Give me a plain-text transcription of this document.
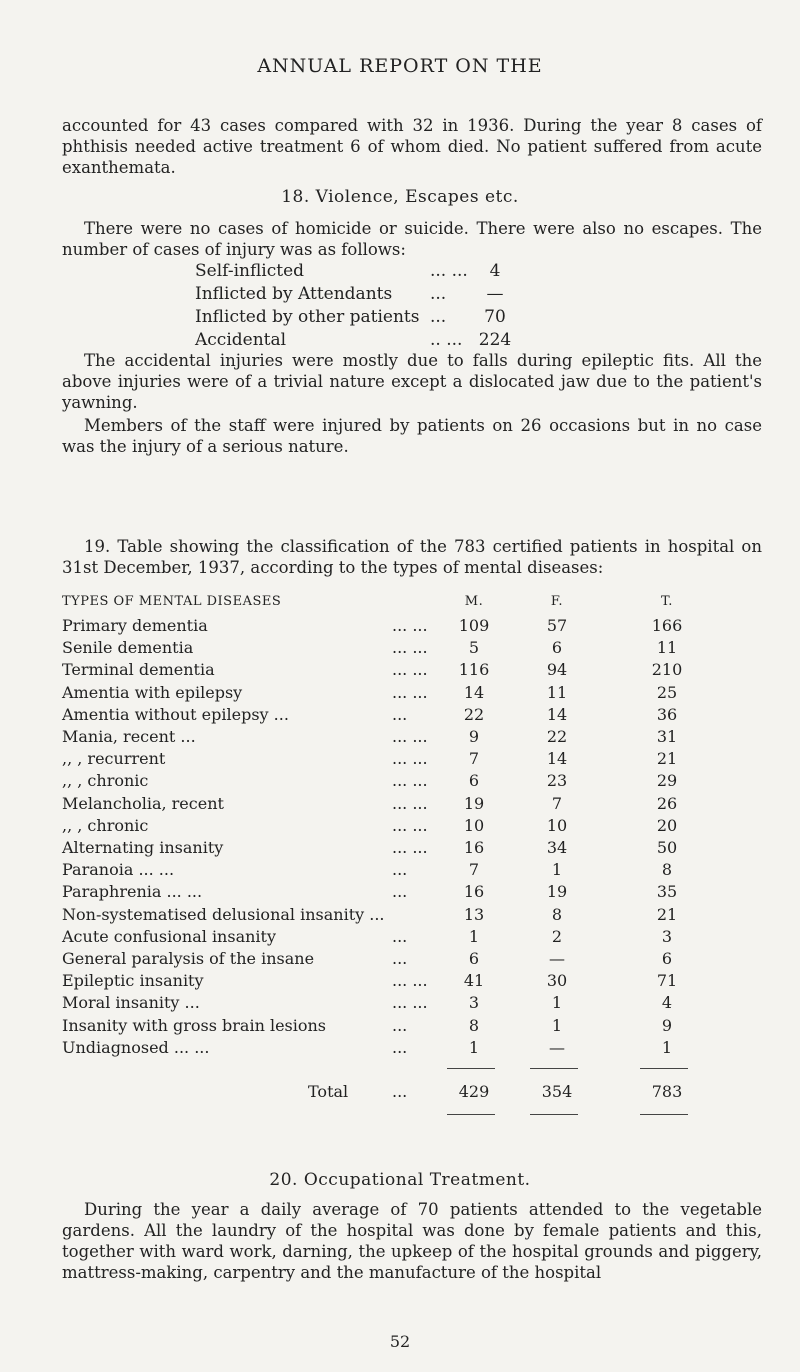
ANNUAL REPORT ON THE
accounted for 43 cases compared with 32 in 1936. During the year 8 cases of phthisis needed active treatment 6 of whom died. No patient suffered from acute exanthemata.
18. Violence, Escapes etc.
There were no cases of homicide or suicide. There were also no escapes. The number of cases of injury was as follows:
Self-inflicted	... ...	4
Inflicted by Attendants ...	—
Inflicted by other patients ...	70
Accidental	.. ... 224
The accidental injuries were mostly due to falls during epileptic fits. All the above injuries were of a trivial nature except a dislocated jaw due to the patient's yawning.
Members of the staff were injured by patients on 26 occasions but in no case was the injury of a serious nature.
19. Table showing the classification of the 783 certified patients in hospital on 31st December, 1937, according to the types of mental diseases:
TYPES OF MENTAL DISEASES	M.	F.	T.
Primary dementia	... ...	109	57	166
Senile dementia	... ...	5	6	11
Terminal dementia	... ...	116	94	210
Amentia with epilepsy	... ...	14	11	25
Amentia without epilepsy ...	...	22	14	36
Mania, recent ...	... ...	9	22	31
,, , recurrent	... ...	7	14	21
,, , chronic	... ...	6	23	29
Melancholia, recent	... ...	19	7	26
,, , chronic	... ...	10	10	20
Alternating insanity	... ...	16	34	50
Paranoia ... ...	...	7	1	8
Paraphrenia ... ...	...	16	19	35
Non-systematised delusional insanity ...	13	8	21
Acute confusional insanity	...	1	2	3
General paralysis of the insane	...	6	—	6
Epileptic insanity	... ...	41	30	71
Moral insanity ...	... ...	3	1	4
Insanity with gross brain lesions	...	8	1	9
Undiagnosed ... ...	...	1	—	1
Total	...	429	354	783
20. Occupational Treatment.
During the year a daily average of 70 patients attended to the vegetable gardens. All the laundry of the hospital was done by female patients and this, together with ward work, darning, the upkeep of the hospital grounds and piggery, mattress-making, carpentry and the manufacture of the hospital
52
